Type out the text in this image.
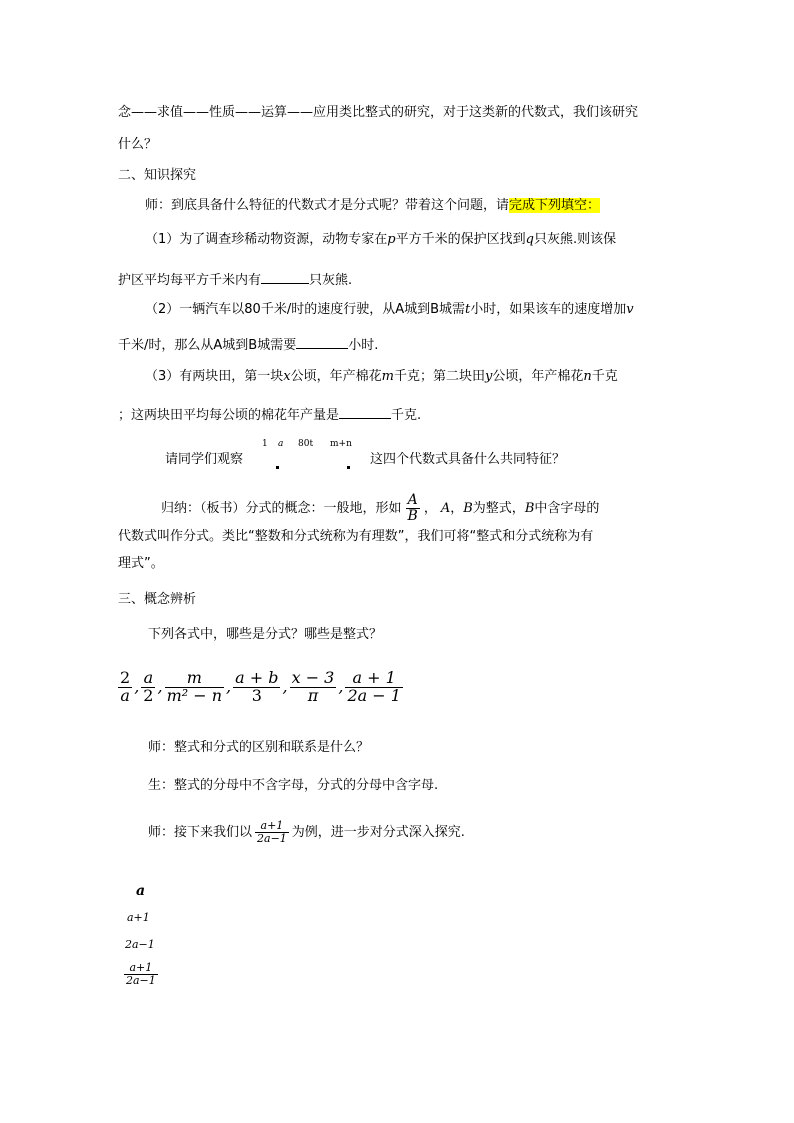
念——求值——性质——运算——应用类比整式的研究，对于这类新的代数式，我们该研究
什么？
二、知识探究
师：到底具备什么特征的代数式才是分式呢？带着这个问题，请完成下列填空：
（1）为了调查珍稀动物资源，动物专家在p平方千米的保护区找到q只灰熊.则该保
护区平均每平方千米内有	只灰熊.
（2）一辆汽车以80千米/时的速度行驶，从A城到B城需t小时，如果该车的速度增加v
千米/时，那么从A城到B城需要	小时.
（3）有两块田，第一块x公顷，年产棉花m千克；第二块田y公顷，年产棉花n千克
；这两块田平均每公顷的棉花年产量是	千克.
请同学们观察
1 a 80t m+n
这四个代数式具备什么共同特征？
归纳：（板书）分式的概念：一般地，形如 $\frac{A}{B}$ ， A ， B 为整式， B 中含字母的
代数式叫作分式。类比“整数和分式统称为有理数”，我们可将“整式和分式统称为有
理式”。
三、概念辨析
下列各式中，哪些是分式？哪些是整式？
$\frac{2}{a}$ , $\frac{a}{2}$ , $\frac{m}{\text{m² − n}}$ , $\frac{a + b}{3}$ , $\frac{x - 3}{\pi}$ , $\frac{a + 1}{2a - 1}$
师：整式和分式的区别和联系是什么？
生：整式的分母中不含字母，分式的分母中含字母.
师：接下来我们以 $\frac{a+1}{2a-1}$ 为例，进一步对分式深入探究.
a
a+1
2a−1
$\frac{a+1}{2a-1}$
